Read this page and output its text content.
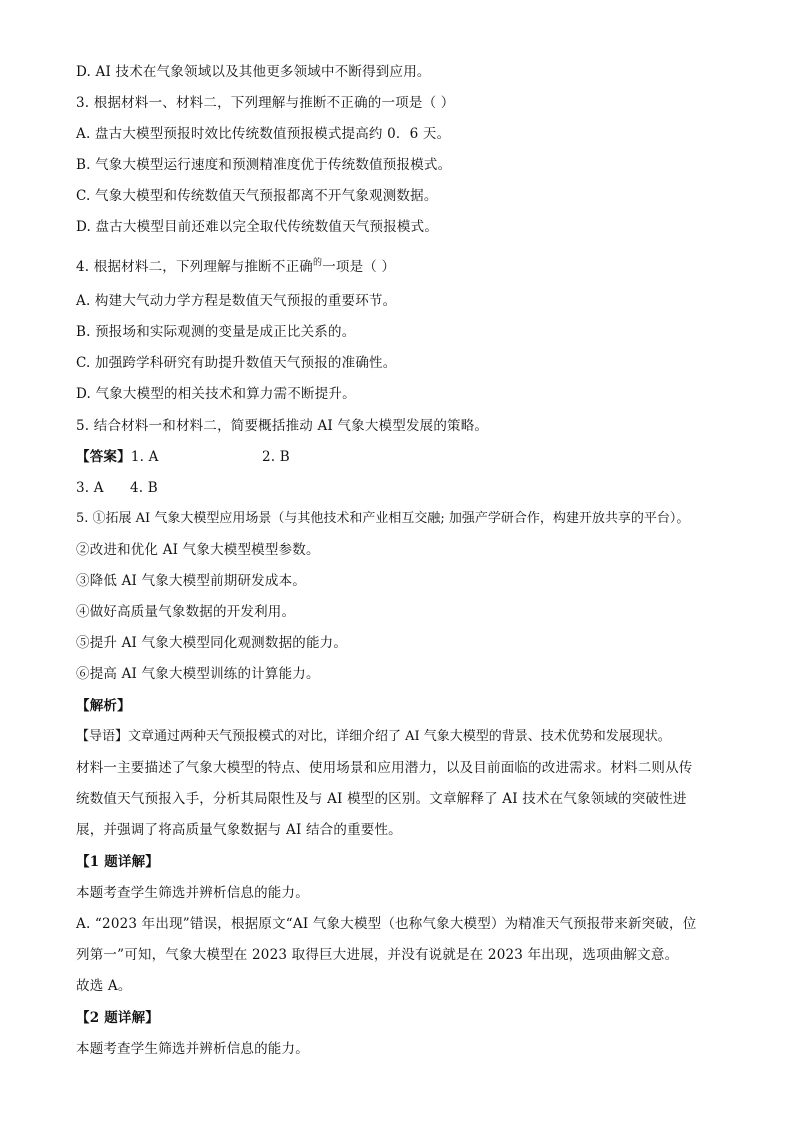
D. AI 技术在气象领域以及其他更多领域中不断得到应用。
3. 根据材料一、材料二，下列理解与推断不正确的一项是（ ）
A. 盘古大模型预报时效比传统数值预报模式提高约 0．6 天。
B. 气象大模型运行速度和预测精准度优于传统数值预报模式。
C. 气象大模型和传统数值天气预报都离不开气象观测数据。
D. 盘古大模型目前还难以完全取代传统数值天气预报模式。
4. 根据材料二，下列理解与推断不正确$^的$一项是（ ）
A. 构建大气动力学方程是数值天气预报的重要环节。
B. 预报场和实际观测的变量是成正比关系的。
C. 加强跨学科研究有助提升数值天气预报的准确性。
D. 气象大模型的相关技术和算力需不断提升。
5. 结合材料一和材料二，简要概括推动 AI 气象大模型发展的策略。
【答案】1. A	2. B
3. A 4. B
5. ①拓展 AI 气象大模型应用场景（与其他技术和产业相互交融; 加强产学研合作，构建开放共享的平台）。
②改进和优化 AI 气象大模型模型参数。
③降低 AI 气象大模型前期研发成本。
④做好高质量气象数据的开发利用。
⑤提升 AI 气象大模型同化观测数据的能力。
⑥提高 AI 气象大模型训练的计算能力。
【解析】
【导语】文章通过两种天气预报模式的对比，详细介绍了 AI 气象大模型的背景、技术优势和发展现状。
材料一主要描述了气象大模型的特点、使用场景和应用潜力，以及目前面临的改进需求。材料二则从传
统数值天气预报入手，分析其局限性及与 AI 模型的区别。文章解释了 AI 技术在气象领域的突破性进
展，并强调了将高质量气象数据与 AI 结合的重要性。
【1 题详解】
本题考查学生筛选并辨析信息的能力。
A. “2023 年出现”错误，根据原文“AI 气象大模型（也称气象大模型）为精准天气预报带来新突破，位
列第一”可知，气象大模型在 2023 取得巨大进展，并没有说就是在 2023 年出现，选项曲解文意。
故选 A。
【2 题详解】
本题考查学生筛选并辨析信息的能力。
